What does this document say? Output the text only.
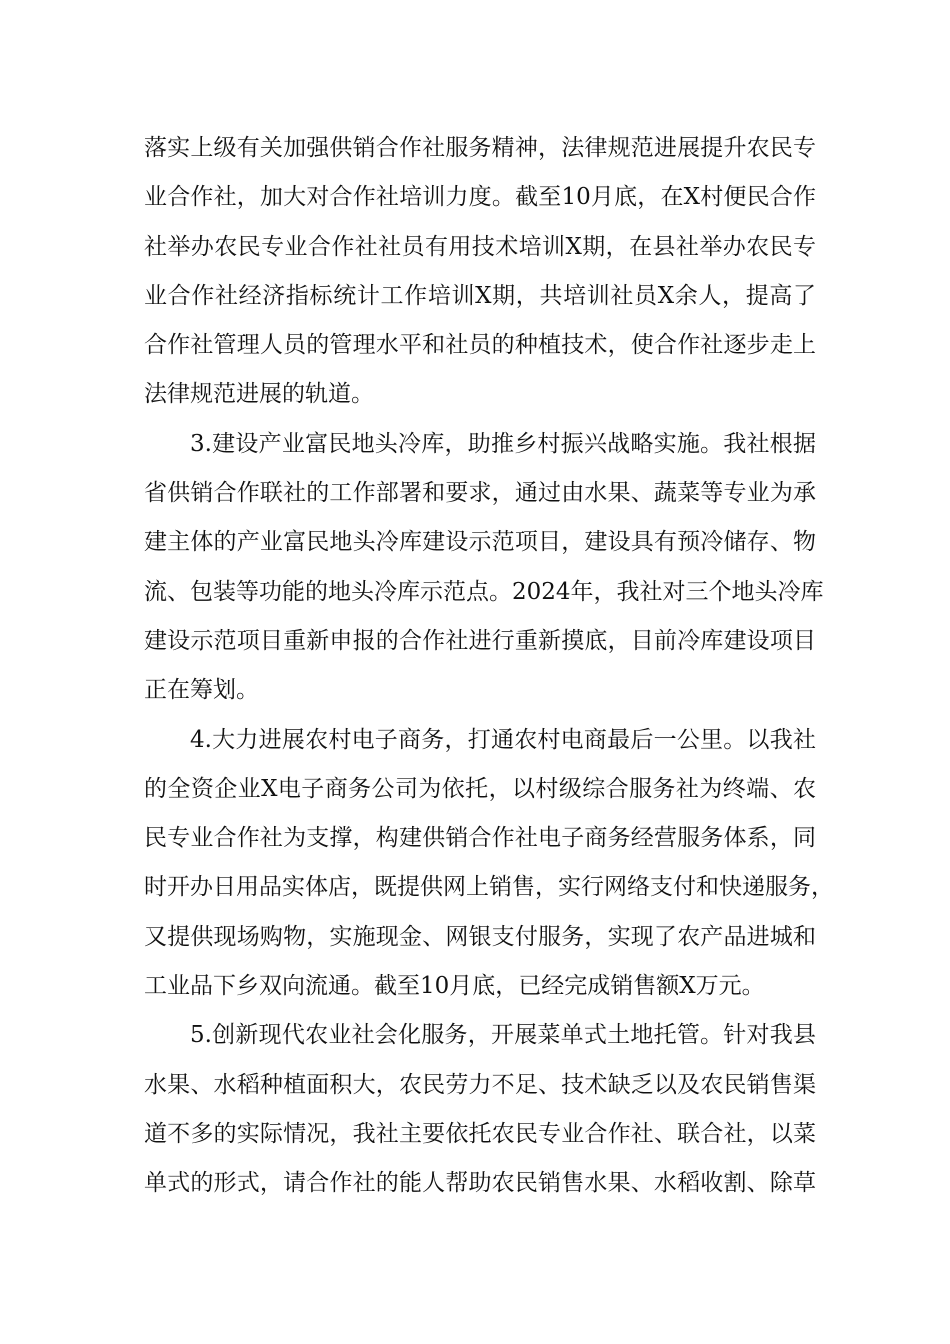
落实上级有关加强供销合作社服务精神，法律规范进展提升农民专
业合作社，加大对合作社培训力度。截至10月底，在X村便民合作
社举办农民专业合作社社员有用技术培训X期，在县社举办农民专
业合作社经济指标统计工作培训X期，共培训社员X余人，提高了
合作社管理人员的管理水平和社员的种植技术，使合作社逐步走上
法律规范进展的轨道。
3.建设产业富民地头冷库，助推乡村振兴战略实施。我社根据
省供销合作联社的工作部署和要求，通过由水果、蔬菜等专业为承
建主体的产业富民地头冷库建设示范项目，建设具有预冷储存、物
流、包装等功能的地头冷库示范点。2024年，我社对三个地头冷库
建设示范项目重新申报的合作社进行重新摸底，目前冷库建设项目
正在筹划。
4.大力进展农村电子商务，打通农村电商最后一公里。以我社
的全资企业X电子商务公司为依托，以村级综合服务社为终端、农
民专业合作社为支撑，构建供销合作社电子商务经营服务体系，同
时开办日用品实体店，既提供网上销售，实行网络支付和快递服务，
又提供现场购物，实施现金、网银支付服务，实现了农产品进城和
工业品下乡双向流通。截至10月底，已经完成销售额X万元。
5.创新现代农业社会化服务，开展菜单式土地托管。针对我县
水果、水稻种植面积大，农民劳力不足、技术缺乏以及农民销售渠
道不多的实际情况，我社主要依托农民专业合作社、联合社，以菜
单式的形式，请合作社的能人帮助农民销售水果、水稻收割、除草
